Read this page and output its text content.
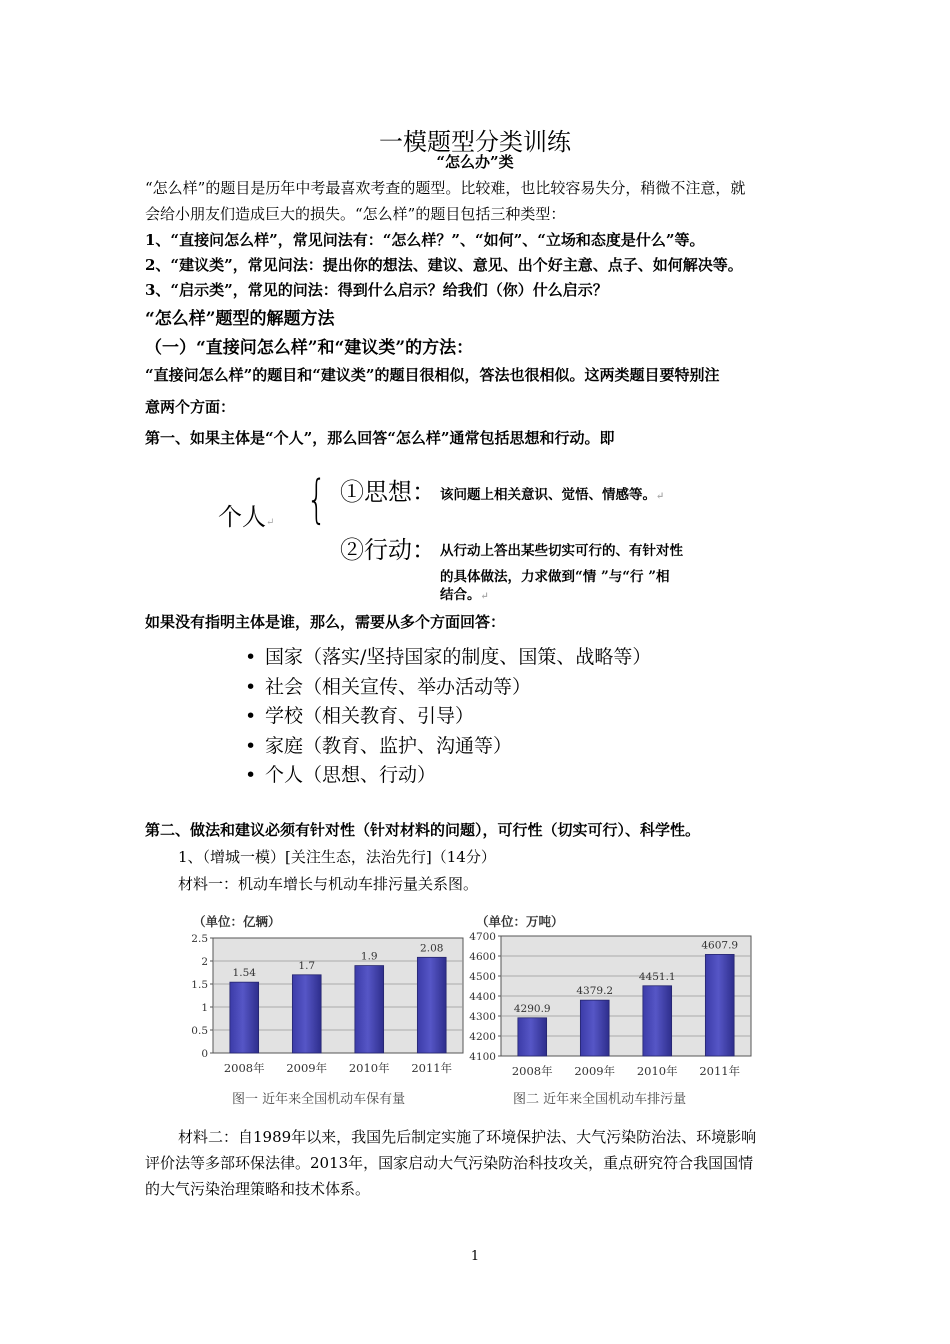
一模题型分类训练
“怎么办”类
“怎么样”的题目是历年中考最喜欢考查的题型。比较难，也比较容易失分，稍微不注意，就
会给小朋友们造成巨大的损失。“怎么样”的题目包括三种类型：
1、“直接问怎么样”，常见问法有：“怎么样？”、“如何”、“立场和态度是什么”等。
2、“建议类”，常见问法：提出你的想法、建议、意见、出个好主意、点子、如何解决等。
3、“启示类”，常见的问法：得到什么启示？给我们（你）什么启示？
“怎么样”题型的解题方法
（一）“直接问怎么样”和“建议类”的方法：
“直接问怎么样”的题目和“建议类”的题目很相似，答法也很相似。这两类题目要特别注
意两个方面：
第一、如果主体是“个人”，那么回答“怎么样”通常包括思想和行动。即
个人↵ { ①思想： 该问题上相关意识、觉悟、情感等。↵
②行动： 从行动上答出某些切实可行的、有针对性
的具体做法，力求做到“情 ”与“行 ”相
结合。↵
如果没有指明主体是谁，那么，需要从多个方面回答：
• 国家（落实/坚持国家的制度、国策、战略等）
• 社会（相关宣传、举办活动等）
• 学校（相关教育、引导）
• 家庭（教育、监护、沟通等）
• 个人（思想、行动）
第二、做法和建议必须有针对性（针对材料的问题），可行性（切实可行）、科学性。
1、（增城一模）[关注生态，法治先行]（14分）
材料一：机动车增长与机动车排污量关系图。
（单位：亿辆）
0
0.5
1
1.5
2
2.5
1.54
2008年
1.7
2009年
1.9
2010年
2.08
2011年
图一 近年来全国机动车保有量
（单位：万吨）
4100
4200
4300
4400
4500
4600
4700
4290.9
2008年
4379.2
2009年
4451.1
2010年
4607.9
2011年
图二 近年来全国机动车排污量
材料二：自1989年以来，我国先后制定实施了环境保护法、大气污染防治法、环境影响
评价法等多部环保法律。2013年，国家启动大气污染防治科技攻关，重点研究符合我国国情
的大气污染治理策略和技术体系。
1
